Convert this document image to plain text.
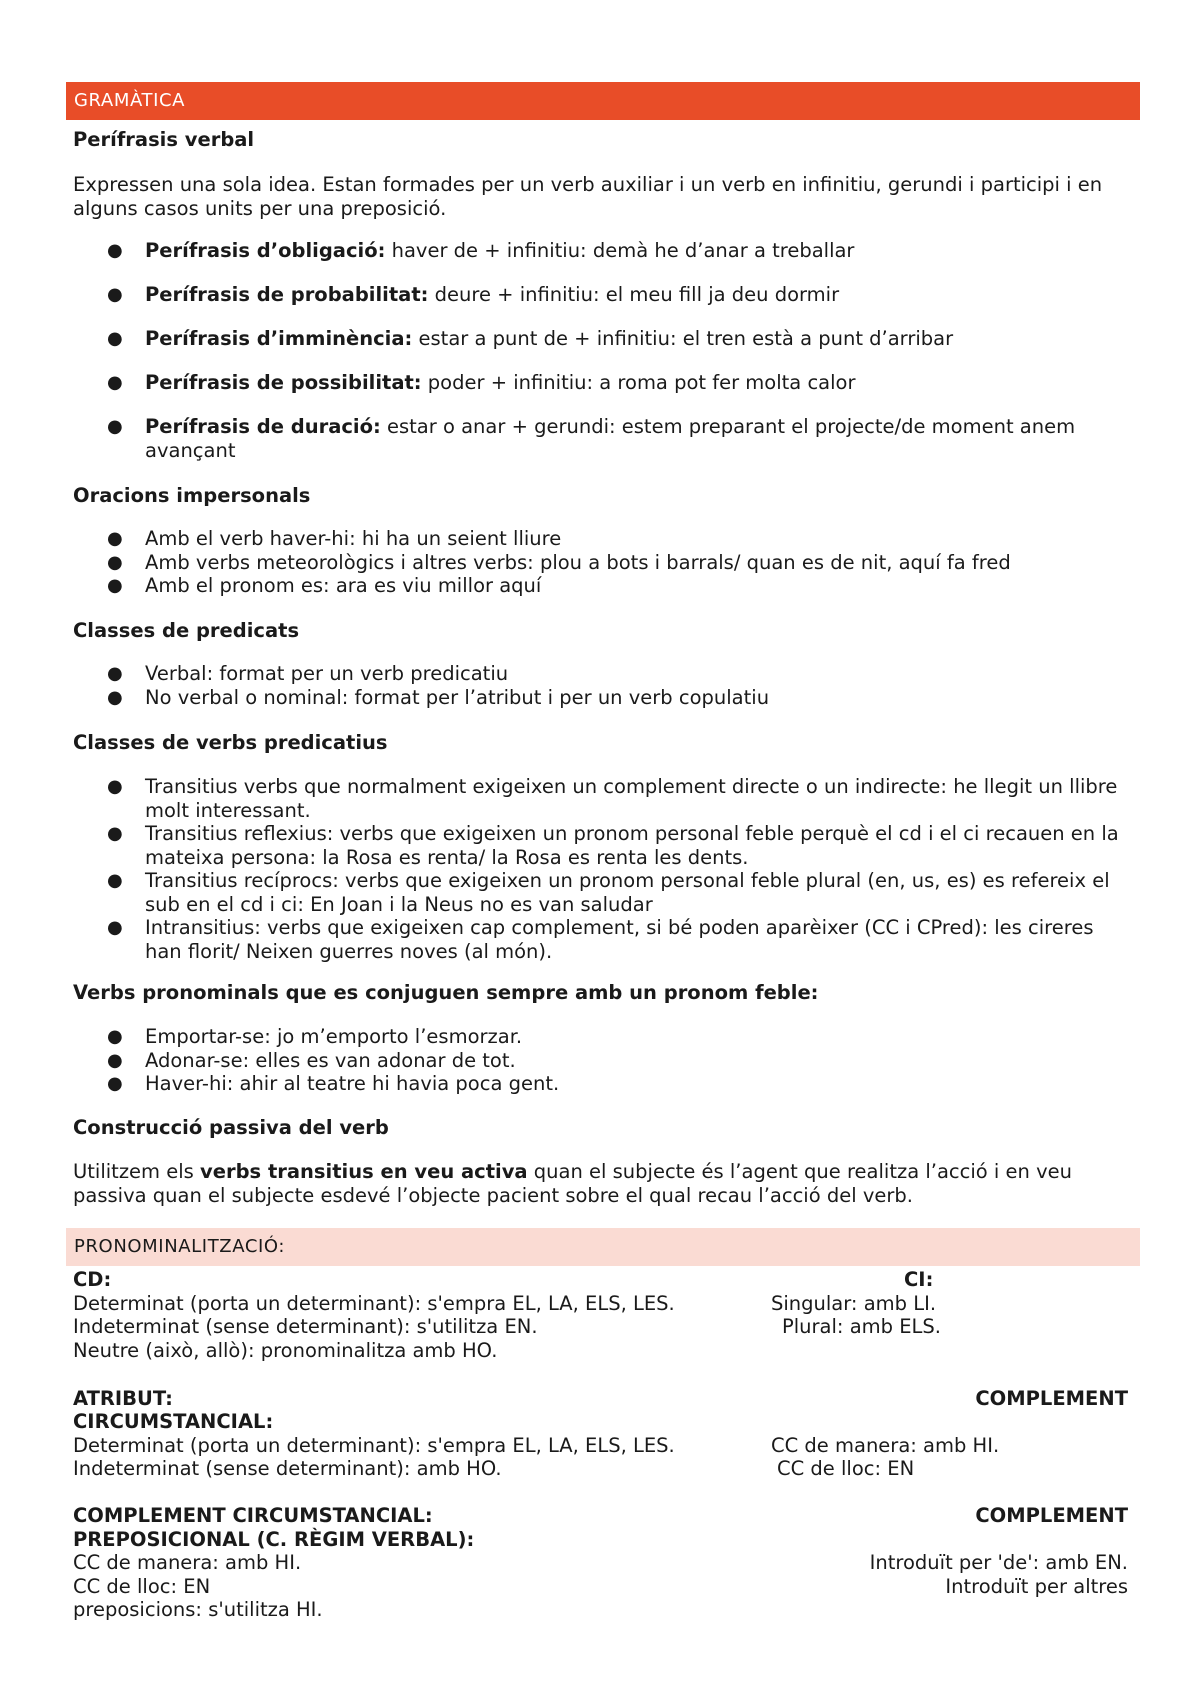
GRAMÀTICA
Perífrasis verbal

Expressen una sola idea. Estan formades per un verb auxiliar i un verb en infinitiu, gerundi i participi i en alguns casos units per una preposició.

● Perífrasis d’obligació: haver de + infinitiu: demà he d’anar a treballar
● Perífrasis de probabilitat: deure + infinitiu: el meu fill ja deu dormir
● Perífrasis d’imminència: estar a punt de + infinitiu: el tren està a punt d’arribar
● Perífrasis de possibilitat: poder + infinitiu: a roma pot fer molta calor
● Perífrasis de duració: estar o anar + gerundi: estem preparant el projecte/de moment anem avançant
Oracions impersonals
● Amb el verb haver-hi: hi ha un seient lliure
● Amb verbs meteorològics i altres verbs: plou a bots i barrals/ quan es de nit, aquí fa fred
● Amb el pronom es: ara es viu millor aquí
Classes de predicats
● Verbal: format per un verb predicatiu
● No verbal o nominal: format per l’atribut i per un verb copulatiu
Classes de verbs predicatius
● Transitius verbs que normalment exigeixen un complement directe o un indirecte: he llegit un llibre molt interessant.
● Transitius reflexius: verbs que exigeixen un pronom personal feble perquè el cd i el ci recauen en la mateixa persona: la Rosa es renta/ la Rosa es renta les dents.
● Transitius recíprocs: verbs que exigeixen un pronom personal feble plural (en, us, es) es refereix el sub en el cd i ci: En Joan i la Neus no es van saludar
● Intransitius: verbs que exigeixen cap complement, si bé poden aparèixer (CC i CPred): les cireres han florit/ Neixen guerres noves (al món).
Verbs pronominals que es conjuguen sempre amb un pronom feble:
● Emportar-se: jo m’emporto l’esmorzar.
● Adonar-se: elles es van adonar de tot.
● Haver-hi: ahir al teatre hi havia poca gent.
Construcció passiva del verb

Utilitzem els verbs transitius en veu activa quan el subjecte és l’agent que realitza l’acció i en veu passiva quan el subjecte esdevé l’objecte pacient sobre el qual recau l’acció del verb.

PRONOMINALITZACIÓ:
CD:
Determinat (porta un determinant): s'empra EL, LA, ELS, LES.
Indeterminat (sense determinant): s'utilitza EN.
Neutre (això, allò): pronominalitza amb HO.
CI:
Singular: amb LI.
Plural: amb ELS.
ATRIBUT:	COMPLEMENT
CIRCUMSTANCIAL:
Determinat (porta un determinant): s'empra EL, LA, ELS, LES.
Indeterminat (sense determinant): amb HO.
CC de manera: amb HI.
CC de lloc: EN
COMPLEMENT CIRCUMSTANCIAL:	COMPLEMENT
PREPOSICIONAL (C. RÈGIM VERBAL):
CC de manera: amb HI.
CC de lloc: EN
preposicions: s'utilitza HI.
Introduït per 'de': amb EN.
Introduït per altres
